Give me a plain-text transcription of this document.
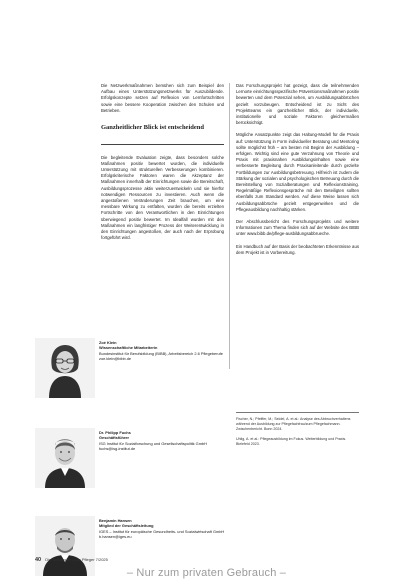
Die Netzwerkmaßnahmen bemühen sich zum Beispiel den Aufbau eines Unterstützungsnetzwerks für Auszubildende. Erfolgskonzepte setzen auf Reflexion von Lernfortschritten sowie eine bessere Kooperation zwischen den Schulen und Betrieben.

Ganzheitlicher Blick ist entscheidend

Die begleitende Evaluation zeigte, dass besonders solche Maßnahmen positiv bewertet wurden, die individuelle Unterstützung mit strukturellen Verbesserungen kombinieren. Erfolgskriterische Faktoren waren die Akzeptanz der Maßnahmen innerhalb der Einrichtungen sowie die Bereitschaft, Ausbildungsprozesse aktiv weiterzuentwickeln und sie hierfür notwendigen Ressourcen zu investieren. Auch wenn die angestoßenen Veränderungen Zeit brauchen, um eine messbare Wirkung zu entfalten, wurden die bereits erzielten Fortschritte von den Verantwortlichen in den Einrichtungen überwiegend positiv bewertet. Im Idealfall wurden mit den Maßnahmen ein langfristiger Prozess der Weiterentwicklung in den Einrichtungen angestoßen, der auch nach der Erprobung fortgeführt wird.

Das Forschungsprojekt hat gezeigt, dass die teilnehmenden Lernorte einrichtungsspezifische Präventionsmaßnahmen positiv bewerten und dem Potenzial sehen, um Ausbildungsabbrüchen gezielt vorzubeugen. Entscheidend ist zu Sicht des Projektteams ein ganzheitlicher Blick, der individuelle, institutionelle und soziale Faktoren gleichermaßen berücksichtigt.

Mögliche Ansatzpunkte zeigt das Haltung-Modell für die Praxis auf: Unterstützung in Form individueller Beratung und Mentoring sollte möglichst früh – am besten mit Beginn der Ausbildung – erfolgen. Wichtig sind eine gute Verzahnung von Theorie und Praxis mit praxisnahen Ausbildungsinhalten sowie eine verbesserte Begleitung durch Praxisanleitende durch gezielte Fortbildungen zur Ausbildungsbetreuung. Hilfreich ist zudem die Stärkung der sozialen und psychologischen Betreuung durch die Bereitstellung von Sozialberatungen und Reflexionstraining. Regelmäßige Reflexionsgespräche mit den Beteiligten sollten ebenfalls zum Standard werden. Auf diese Weise lassen sich Ausbildungsabbrüche gezielt entgegenwirken und die Pflegeausbildung nachhaltig stärken.

Der Abschlussbericht des Forschungsprojekts und weitere Informationen zum Thema finden sich auf der Website des BIBB unter www.bibb.de/pflege-ausbildungsabbrueche.

Ein Handbuch auf der Basis der beobachteten Erkenntnisse aus dem Projekt ist in Vorbereitung.

Fischer, N.; Pfeiffer, M.; Seidel, A. et al.: Analyse des Abbruchverhaltens während der Ausbildung zur Pflegefachfrau/zum Pflegefachmann. Zwischenbericht. Bonn 2024.

Uhlig, A. et al.: Pflegeausbildung im Fokus. Weiterbildung und Praxis. Bielefeld 2023.

Zoé Klein
Wissenschaftliche Mitarbeiterin
Bundesinstitut für Berufsbildung (BIBB), Arbeitsbereich 2.6 Pflegeberufe
zoe.klein@bibb.de
Dr. Philipp Fuchs
Geschäftsführer
ISG Institut für Sozialforschung und Gesellschaftspolitik GmbH
fuchs@isg-institut.de
Benjamin Hansen
Mitglied der Geschäftsleitung
IGES – Institut für europäische Gesundheits- und Sozialwirtschaft GmbH
b.hansen@iges.eu
40 Die Schwester | Der Pfleger 7/2025
– Nur zum privaten Gebrauch –
